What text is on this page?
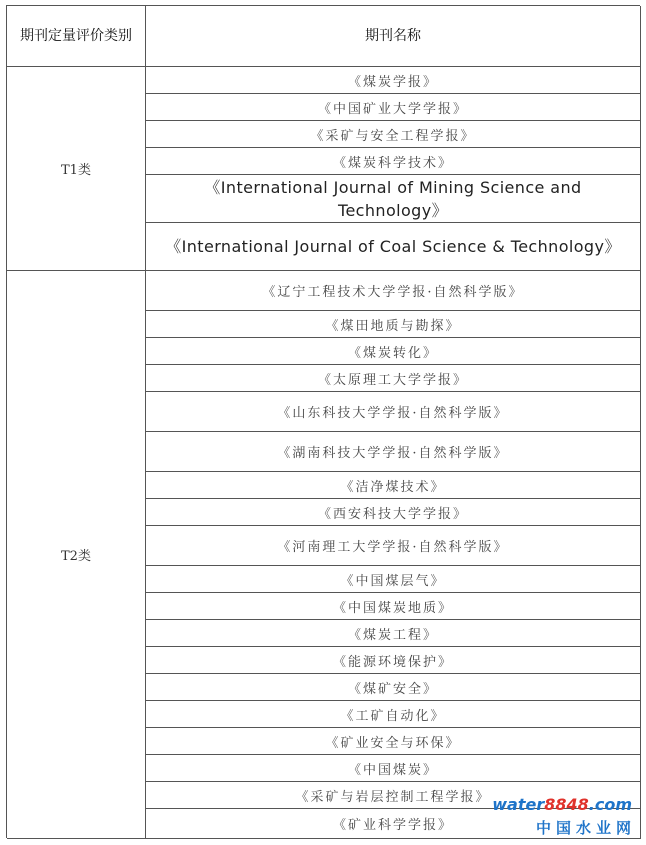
期刊定量评价类别	期刊名称
T1类
《煤炭学报》
《中国矿业大学学报》
《采矿与安全工程学报》
《煤炭科学技术》
《International Journal of Mining Science and Technology》
《International Journal of Coal Science & Technology》
T2类
《辽宁工程技术大学学报·自然科学版》
《煤田地质与勘探》
《煤炭转化》
《太原理工大学学报》
《山东科技大学学报·自然科学版》
《湖南科技大学学报·自然科学版》
《洁净煤技术》
《西安科技大学学报》
《河南理工大学学报·自然科学版》
《中国煤层气》
《中国煤炭地质》
《煤炭工程》
《能源环境保护》
《煤矿安全》
《工矿自动化》
《矿业安全与环保》
《中国煤炭》
《采矿与岩层控制工程学报》
《矿业科学学报》
water8848.com
中国水业网
